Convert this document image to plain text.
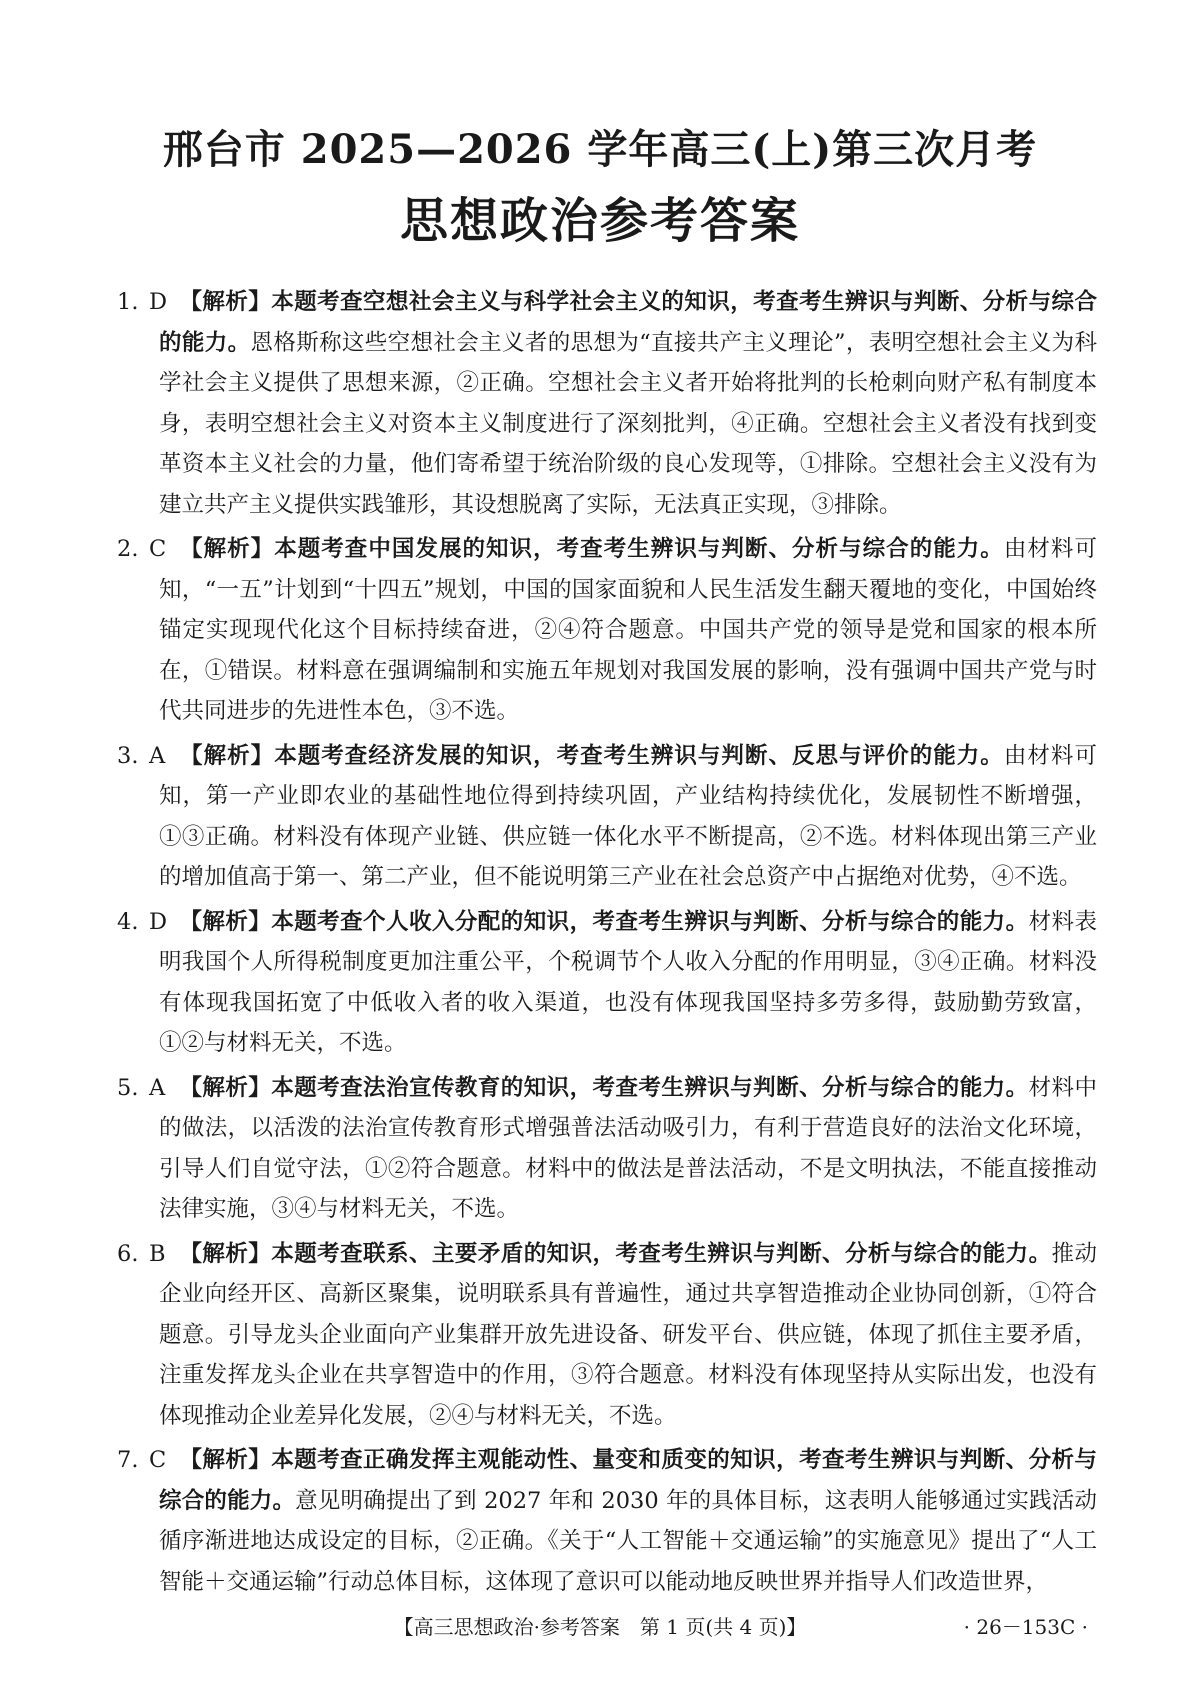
邢台市 2025—2026 学年高三(上)第三次月考
思想政治参考答案

1. D 【解析】本题考查空想社会主义与科学社会主义的知识，考查考生辨识与判断、分析与综合的能力。恩格斯称这些空想社会主义者的思想为“直接共产主义理论”，表明空想社会主义为科学社会主义提供了思想来源，②正确。空想社会主义者开始将批判的长枪刺向财产私有制度本身，表明空想社会主义对资本主义制度进行了深刻批判，④正确。空想社会主义者没有找到变革资本主义社会的力量，他们寄希望于统治阶级的良心发现等，①排除。空想社会主义没有为建立共产主义提供实践雏形，其设想脱离了实际，无法真正实现，③排除。

2. C 【解析】本题考查中国发展的知识，考查考生辨识与判断、分析与综合的能力。由材料可知，“一五”计划到“十四五”规划，中国的国家面貌和人民生活发生翻天覆地的变化，中国始终锚定实现现代化这个目标持续奋进，②④符合题意。中国共产党的领导是党和国家的根本所在，①错误。材料意在强调编制和实施五年规划对我国发展的影响，没有强调中国共产党与时代共同进步的先进性本色，③不选。

3. A 【解析】本题考查经济发展的知识，考查考生辨识与判断、反思与评价的能力。由材料可知，第一产业即农业的基础性地位得到持续巩固，产业结构持续优化，发展韧性不断增强，①③正确。材料没有体现产业链、供应链一体化水平不断提高，②不选。材料体现出第三产业的增加值高于第一、第二产业，但不能说明第三产业在社会总资产中占据绝对优势，④不选。

4. D 【解析】本题考查个人收入分配的知识，考查考生辨识与判断、分析与综合的能力。材料表明我国个人所得税制度更加注重公平，个税调节个人收入分配的作用明显，③④正确。材料没有体现我国拓宽了中低收入者的收入渠道，也没有体现我国坚持多劳多得，鼓励勤劳致富，①②与材料无关，不选。

5. A 【解析】本题考查法治宣传教育的知识，考查考生辨识与判断、分析与综合的能力。材料中的做法，以活泼的法治宣传教育形式增强普法活动吸引力，有利于营造良好的法治文化环境，引导人们自觉守法，①②符合题意。材料中的做法是普法活动，不是文明执法，不能直接推动法律实施，③④与材料无关，不选。

6. B 【解析】本题考查联系、主要矛盾的知识，考查考生辨识与判断、分析与综合的能力。推动企业向经开区、高新区聚集，说明联系具有普遍性，通过共享智造推动企业协同创新，①符合题意。引导龙头企业面向产业集群开放先进设备、研发平台、供应链，体现了抓住主要矛盾，注重发挥龙头企业在共享智造中的作用，③符合题意。材料没有体现坚持从实际出发，也没有体现推动企业差异化发展，②④与材料无关，不选。

7. C 【解析】本题考查正确发挥主观能动性、量变和质变的知识，考查考生辨识与判断、分析与综合的能力。意见明确提出了到 2027 年和 2030 年的具体目标，这表明人能够通过实践活动循序渐进地达成设定的目标，②正确。《关于“人工智能＋交通运输”的实施意见》提出了“人工智能＋交通运输”行动总体目标，这体现了意识可以能动地反映世界并指导人们改造世界，

【高三思想政治·参考答案　第 1 页(共 4 页)】	· 26－153C ·
